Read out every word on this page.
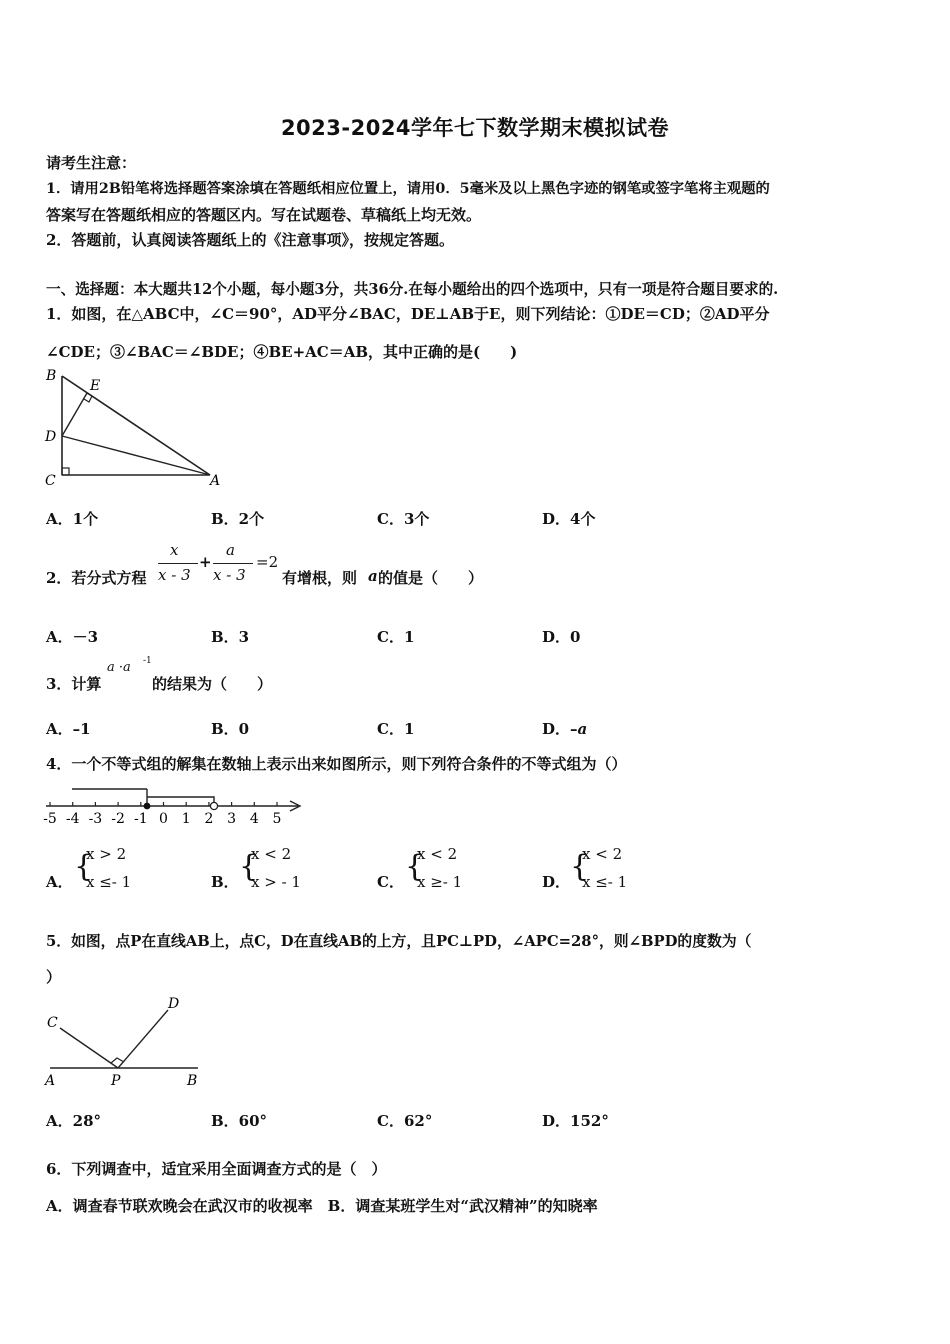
2023-2024学年七下数学期末模拟试卷
请考生注意：
1．请用2B铅笔将选择题答案涂填在答题纸相应位置上，请用0．5毫米及以上黑色字迹的钢笔或签字笔将主观题的
答案写在答题纸相应的答题区内。写在试题卷、草稿纸上均无效。
2．答题前，认真阅读答题纸上的《注意事项》，按规定答题。
一、选择题：本大题共12个小题，每小题3分，共36分.在每小题给出的四个选项中，只有一项是符合题目要求的.
1．如图，在△ABC中，∠C＝90°，AD平分∠BAC，DE⊥AB于E，则下列结论：①DE＝CD；②AD平分
∠CDE；③∠BAC＝∠BDE；④BE+AC＝AB，其中正确的是(　　)
B
E
D
C	A
A．1个	B．2个	C．3个	D．4个
2．若分式方程
x
x - 3
+
a
x - 3
=2
有增根，则 a 的值是（　　）
A．－3	B．3	C．1	D．0
3．计算
a ·a -1
的结果为（　　）
A．–1	B．0	C．1	D．–a
4．一个不等式组的解集在数轴上表示出来如图所示，则下列符合条件的不等式组为（）
-5 -4 -3 -2 -1 0 1 2 3 4 5
A． {
x > 2
x ≤- 1	B． {
x < 2
x > - 1	C． {
x < 2
x ≥- 1	D． {
x < 2
x ≤- 1
5．如图，点P在直线AB上，点C，D在直线AB的上方，且PC⊥PD，∠APC=28°，则∠BPD的度数为（
）
C
D
A	P	B
A．28°	B．60°	C．62°	D．152°
6．下列调查中，适宜采用全面调查方式的是（　）
A．调查春节联欢晚会在武汉市的收视率　B．调查某班学生对“武汉精神”的知晓率
